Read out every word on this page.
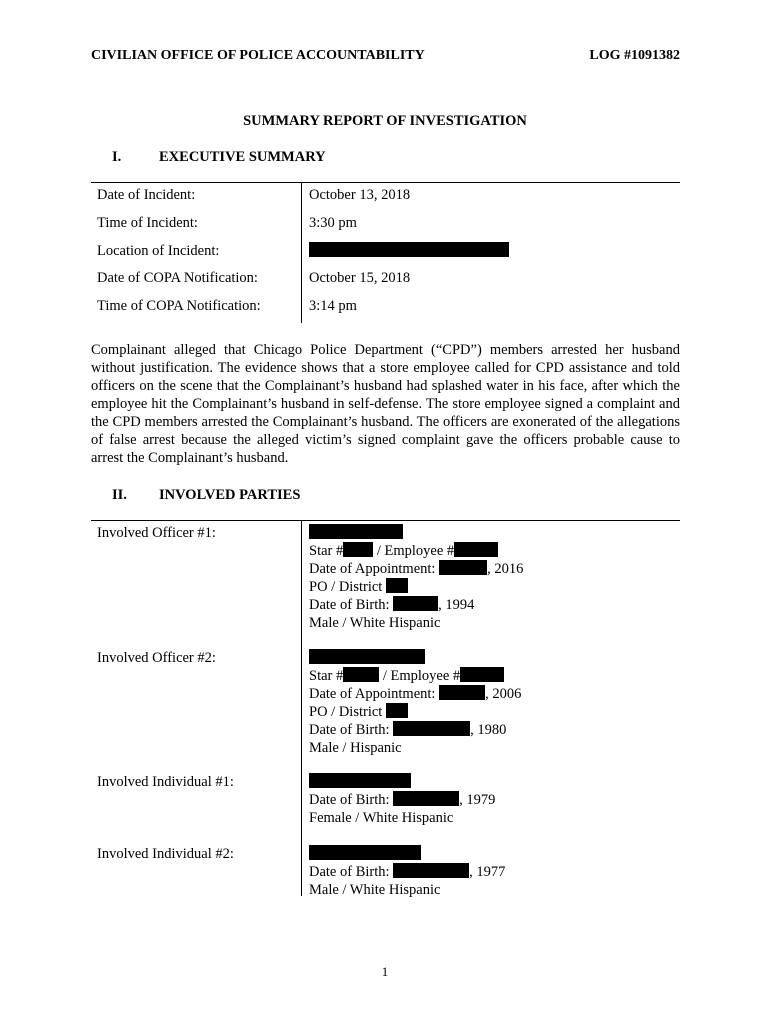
CIVILIAN OFFICE OF POLICE ACCOUNTABILITY	LOG #1091382
SUMMARY REPORT OF INVESTIGATION
I.	EXECUTIVE SUMMARY
Date of Incident:	October 13, 2018
Time of Incident:	3:30 pm
Location of Incident:
Date of COPA Notification:	October 15, 2018
Time of COPA Notification:	3:14 pm
Complainant alleged that Chicago Police Department (“CPD”) members arrested her husband without justification. The evidence shows that a store employee called for CPD assistance and told officers on the scene that the Complainant’s husband had splashed water in his face, after which the employee hit the Complainant’s husband in self-defense. The store employee signed a complaint and the CPD members arrested the Complainant’s husband. The officers are exonerated of the allegations of false arrest because the alleged victim’s signed complaint gave the officers probable cause to arrest the Complainant’s husband.
II. INVOLVED PARTIES
Involved Officer #1:
Star # / Employee #
Date of Appointment:	, 2016
PO / District
Date of Birth:	, 1994
Male / White Hispanic
Involved Officer #2:
Star # / Employee #
Date of Appointment:	, 2006
PO / District
Date of Birth:	, 1980
Male / Hispanic
Involved Individual #1:
Date of Birth:	, 1979
Female / White Hispanic
Involved Individual #2:
Date of Birth:	, 1977
Male / White Hispanic
1
